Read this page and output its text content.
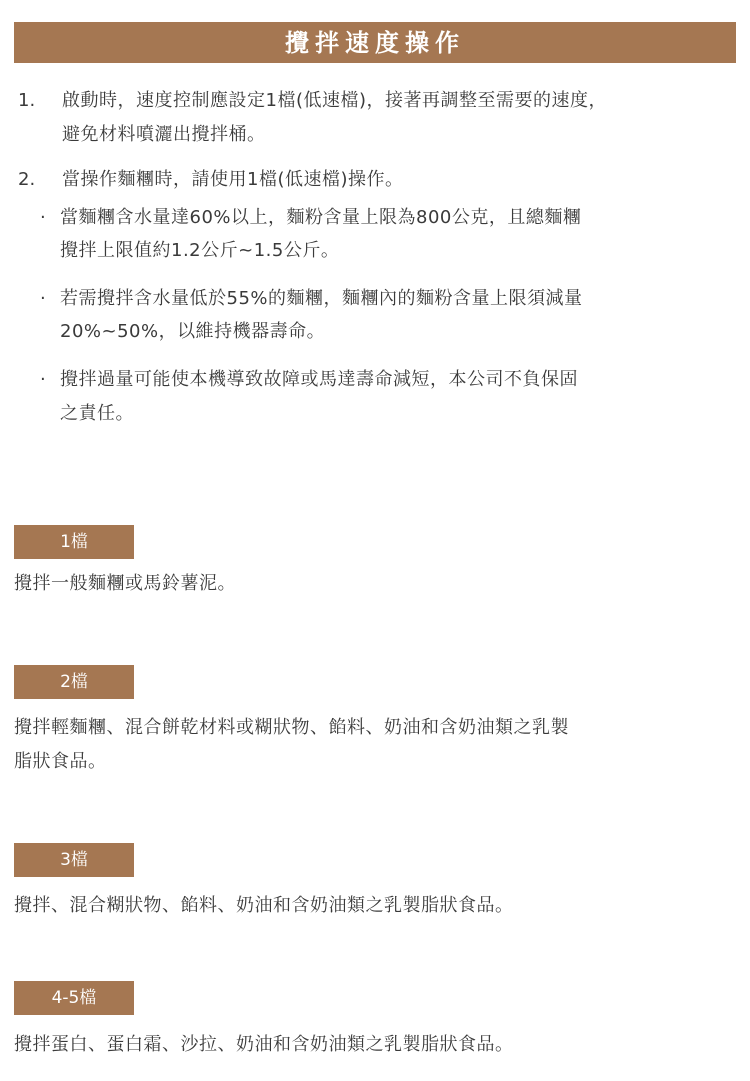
攪拌速度操作
1. 啟動時，速度控制應設定1檔(低速檔)，接著再調整至需要的速度，
避免材料噴灑出攪拌桶。
2. 當操作麵糰時，請使用1檔(低速檔)操作。
· 當麵糰含水量達60%以上，麵粉含量上限為800公克，且總麵糰
攪拌上限值約1.2公斤~1.5公斤。
· 若需攪拌含水量低於55%的麵糰，麵糰內的麵粉含量上限須減量
20%~50%，以維持機器壽命。
· 攪拌過量可能使本機導致故障或馬達壽命減短，本公司不負保固
之責任。
1檔
攪拌一般麵糰或馬鈴薯泥。
2檔
攪拌輕麵糰、混合餅乾材料或糊狀物、餡料、奶油和含奶油類之乳製
脂狀食品。
3檔
攪拌、混合糊狀物、餡料、奶油和含奶油類之乳製脂狀食品。
4-5檔
攪拌蛋白、蛋白霜、沙拉、奶油和含奶油類之乳製脂狀食品。
